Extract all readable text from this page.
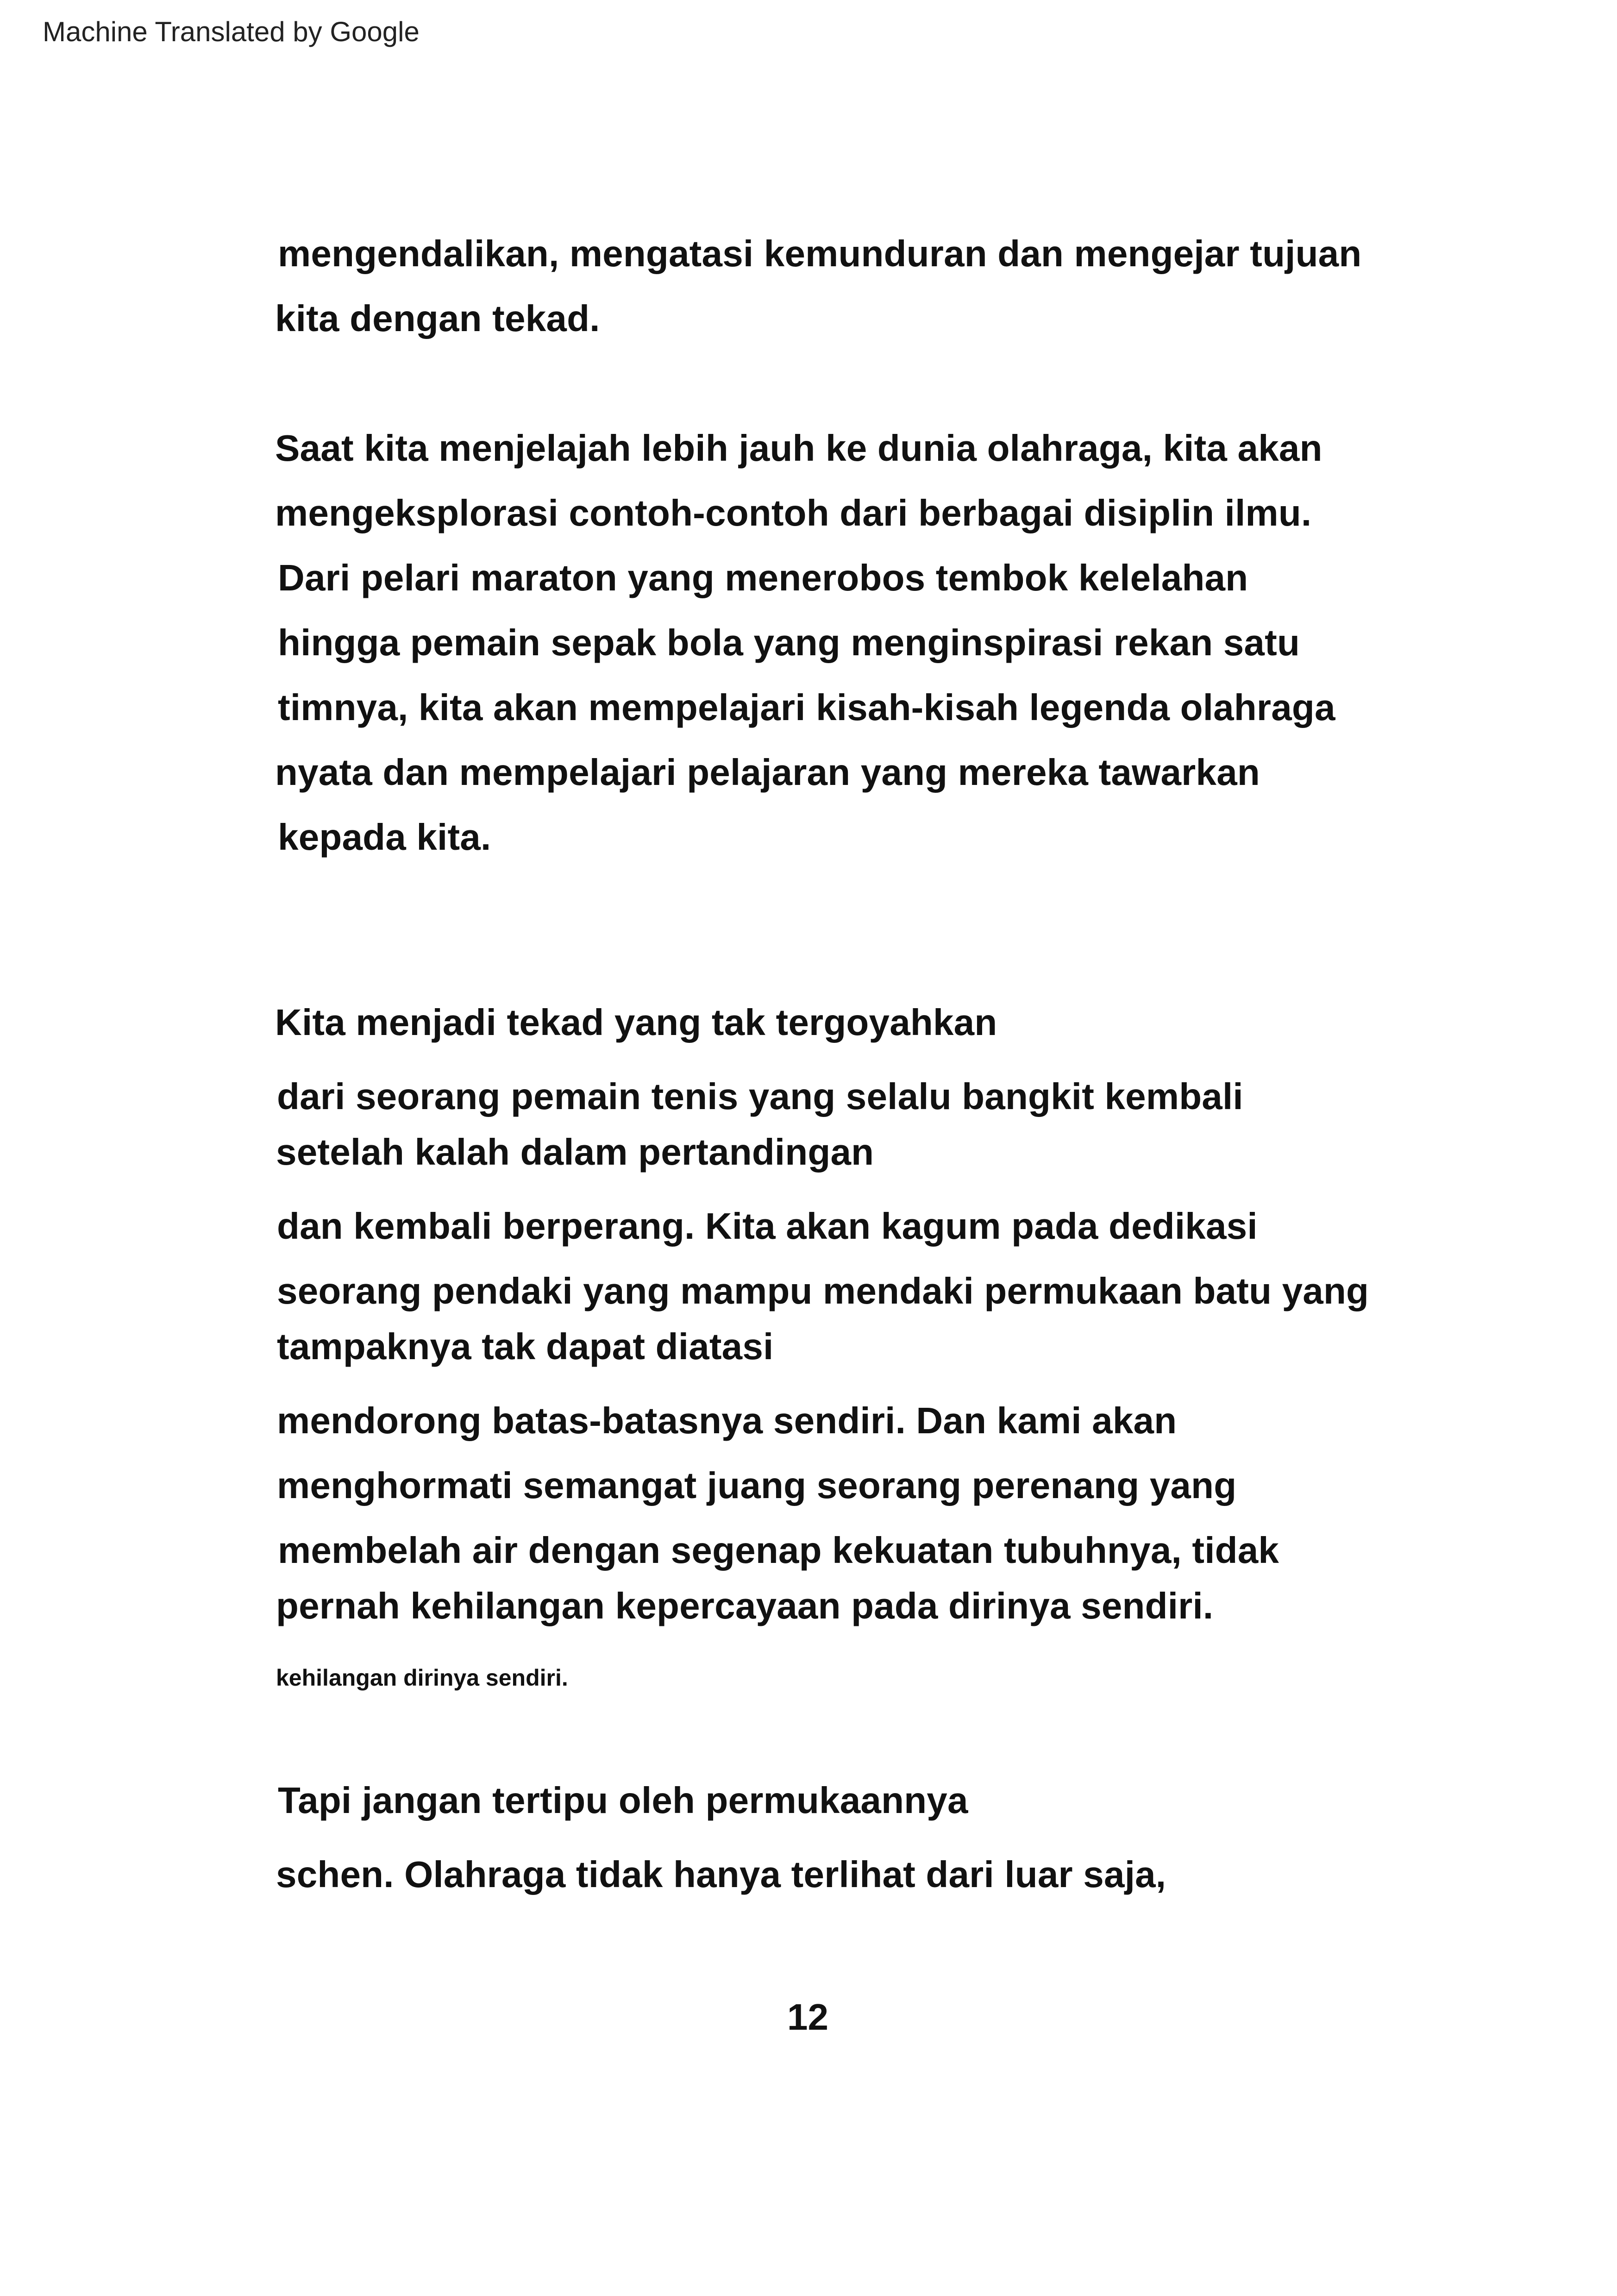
Machine Translated by Google
mengendalikan, mengatasi kemunduran dan mengejar tujuan
kita dengan tekad.
Saat kita menjelajah lebih jauh ke dunia olahraga, kita akan
mengeksplorasi contoh-contoh dari berbagai disiplin ilmu.
Dari pelari maraton yang menerobos tembok kelelahan
hingga pemain sepak bola yang menginspirasi rekan satu
timnya, kita akan mempelajari kisah-kisah legenda olahraga
nyata dan mempelajari pelajaran yang mereka tawarkan
kepada kita.
Kita menjadi tekad yang tak tergoyahkan
dari seorang pemain tenis yang selalu bangkit kembali
setelah kalah dalam pertandingan
dan kembali berperang. Kita akan kagum pada dedikasi
seorang pendaki yang mampu mendaki permukaan batu yang
tampaknya tak dapat diatasi
mendorong batas-batasnya sendiri. Dan kami akan
menghormati semangat juang seorang perenang yang
membelah air dengan segenap kekuatan tubuhnya, tidak
pernah kehilangan kepercayaan pada dirinya sendiri.
kehilangan dirinya sendiri.
Tapi jangan tertipu oleh permukaannya
schen. Olahraga tidak hanya terlihat dari luar saja,
12
